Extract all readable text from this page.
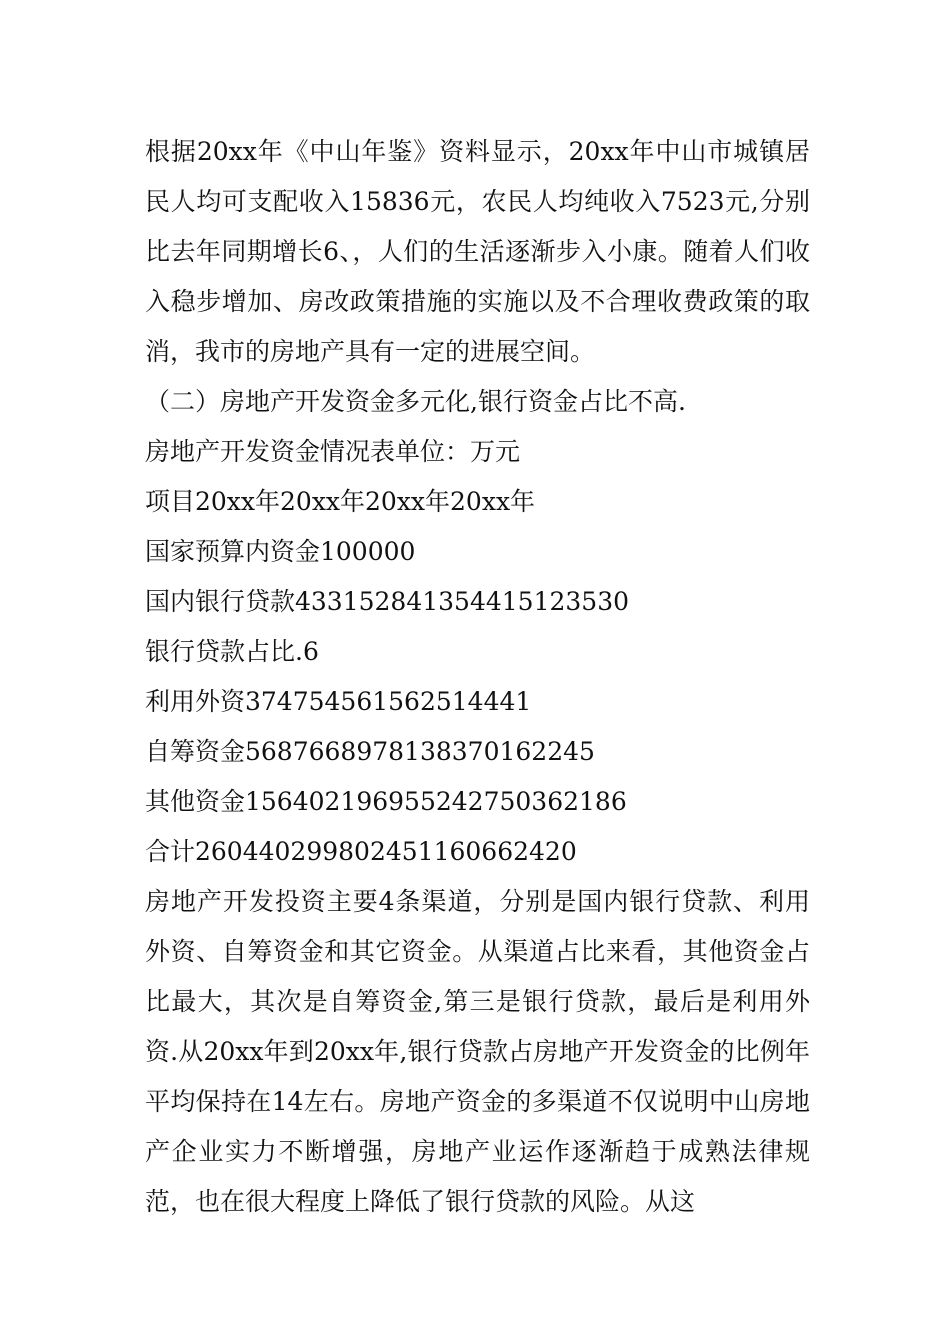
根据20xx年《中山年鉴》资料显示，20xx年中山市城镇居民人均可支配收入15836元，农民人均纯收入7523元,分别比去年同期增长6、，人们的生活逐渐步入小康。随着人们收入稳步增加、房改政策措施的实施以及不合理收费政策的取消，我市的房地产具有一定的进展空间。

（二）房地产开发资金多元化,银行资金占比不高.

房地产开发资金情况表单位：万元

项目20xx年20xx年20xx年20xx年

国家预算内资金100000

国内银行贷款43315284135441512353​0

银行贷款占比.6

利用外资374754561562514441

自筹资金5687668978138370162245

其他资金1564021969552427503621​86

合计2604402998024511606624​20

房地产开发投资主要4条渠道，分别是国内银行贷款、利用外资、自筹资金和其它资金。从渠道占比来看，其他资金占比最大，其次是自筹资金,第三是银行贷款，最后是利用外资.从20xx年到20xx年,银行贷款占房地产开发资金的比例年平均保持在14左右。房地产资金的多渠道不仅说明中山房地产企业实力不断增强，房地产业运作逐渐趋于成熟法律规范，也在很大程度上降低了银行贷款的风险。从这
